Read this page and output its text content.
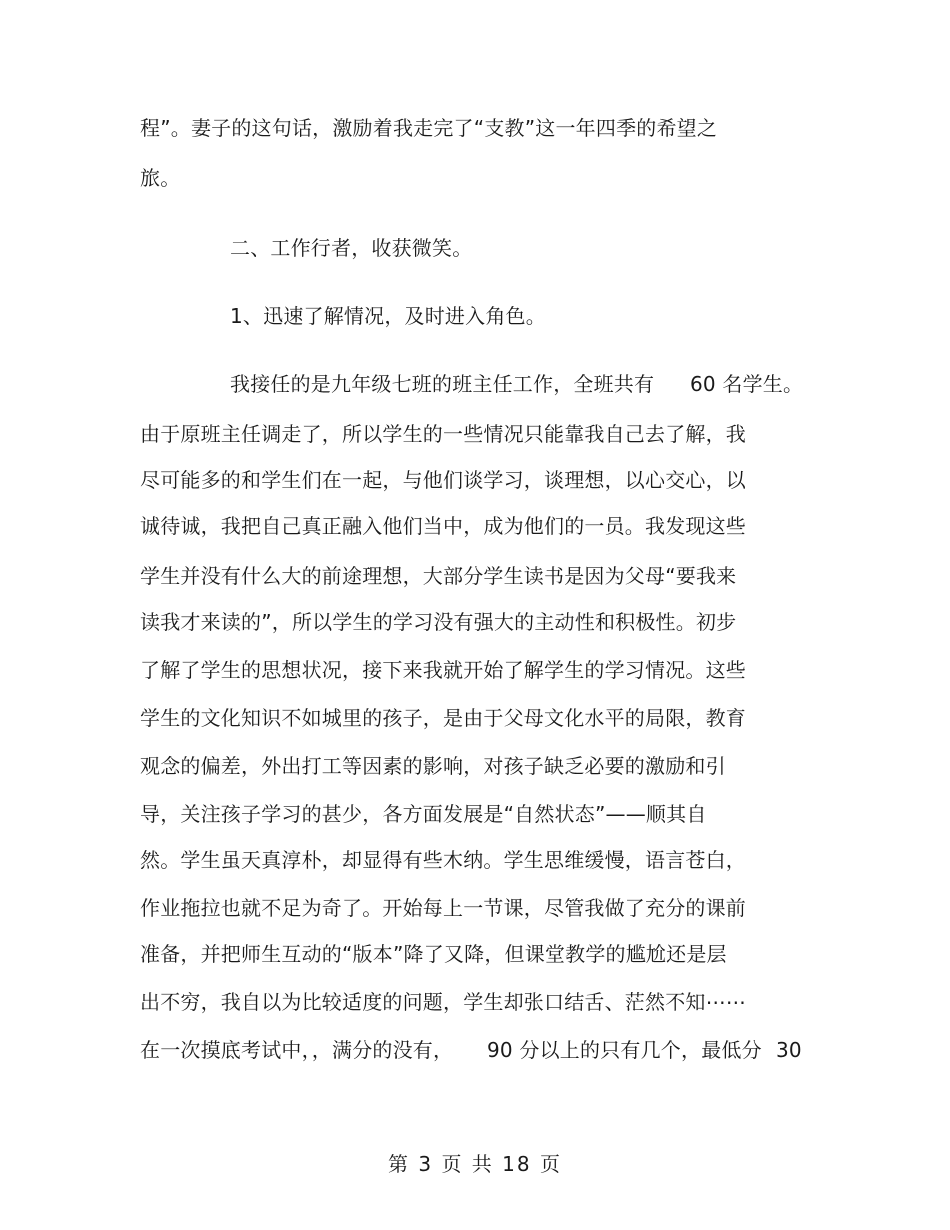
程”。妻子的这句话，激励着我走完了“支教”这一年四季的希望之
旅。
二、工作行者，收获微笑。
1、迅速了解情况，及时进入角色。
我接任的是九年级七班的班主任工作，全班共有 60 名学生。
由于原班主任调走了，所以学生的一些情况只能靠我自己去了解，我
尽可能多的和学生们在一起，与他们谈学习，谈理想，以心交心，以
诚待诚，我把自己真正融入他们当中，成为他们的一员。我发现这些
学生并没有什么大的前途理想，大部分学生读书是因为父母“要我来
读我才来读的”，所以学生的学习没有强大的主动性和积极性。初步
了解了学生的思想状况，接下来我就开始了解学生的学习情况。这些
学生的文化知识不如城里的孩子，是由于父母文化水平的局限，教育
观念的偏差，外出打工等因素的影响，对孩子缺乏必要的激励和引
导，关注孩子学习的甚少，各方面发展是“自然状态”——顺其自
然。学生虽天真淳朴，却显得有些木纳。学生思维缓慢，语言苍白，
作业拖拉也就不足为奇了。开始每上一节课，尽管我做了充分的课前
准备，并把师生互动的“版本”降了又降，但课堂教学的尴尬还是层
出不穷，我自以为比较适度的问题，学生却张口结舌、茫然不知⋯⋯
在一次摸底考试中，，满分的没有， 90 分以上的只有几个，最低分 30
第 3 页 共 18 页
